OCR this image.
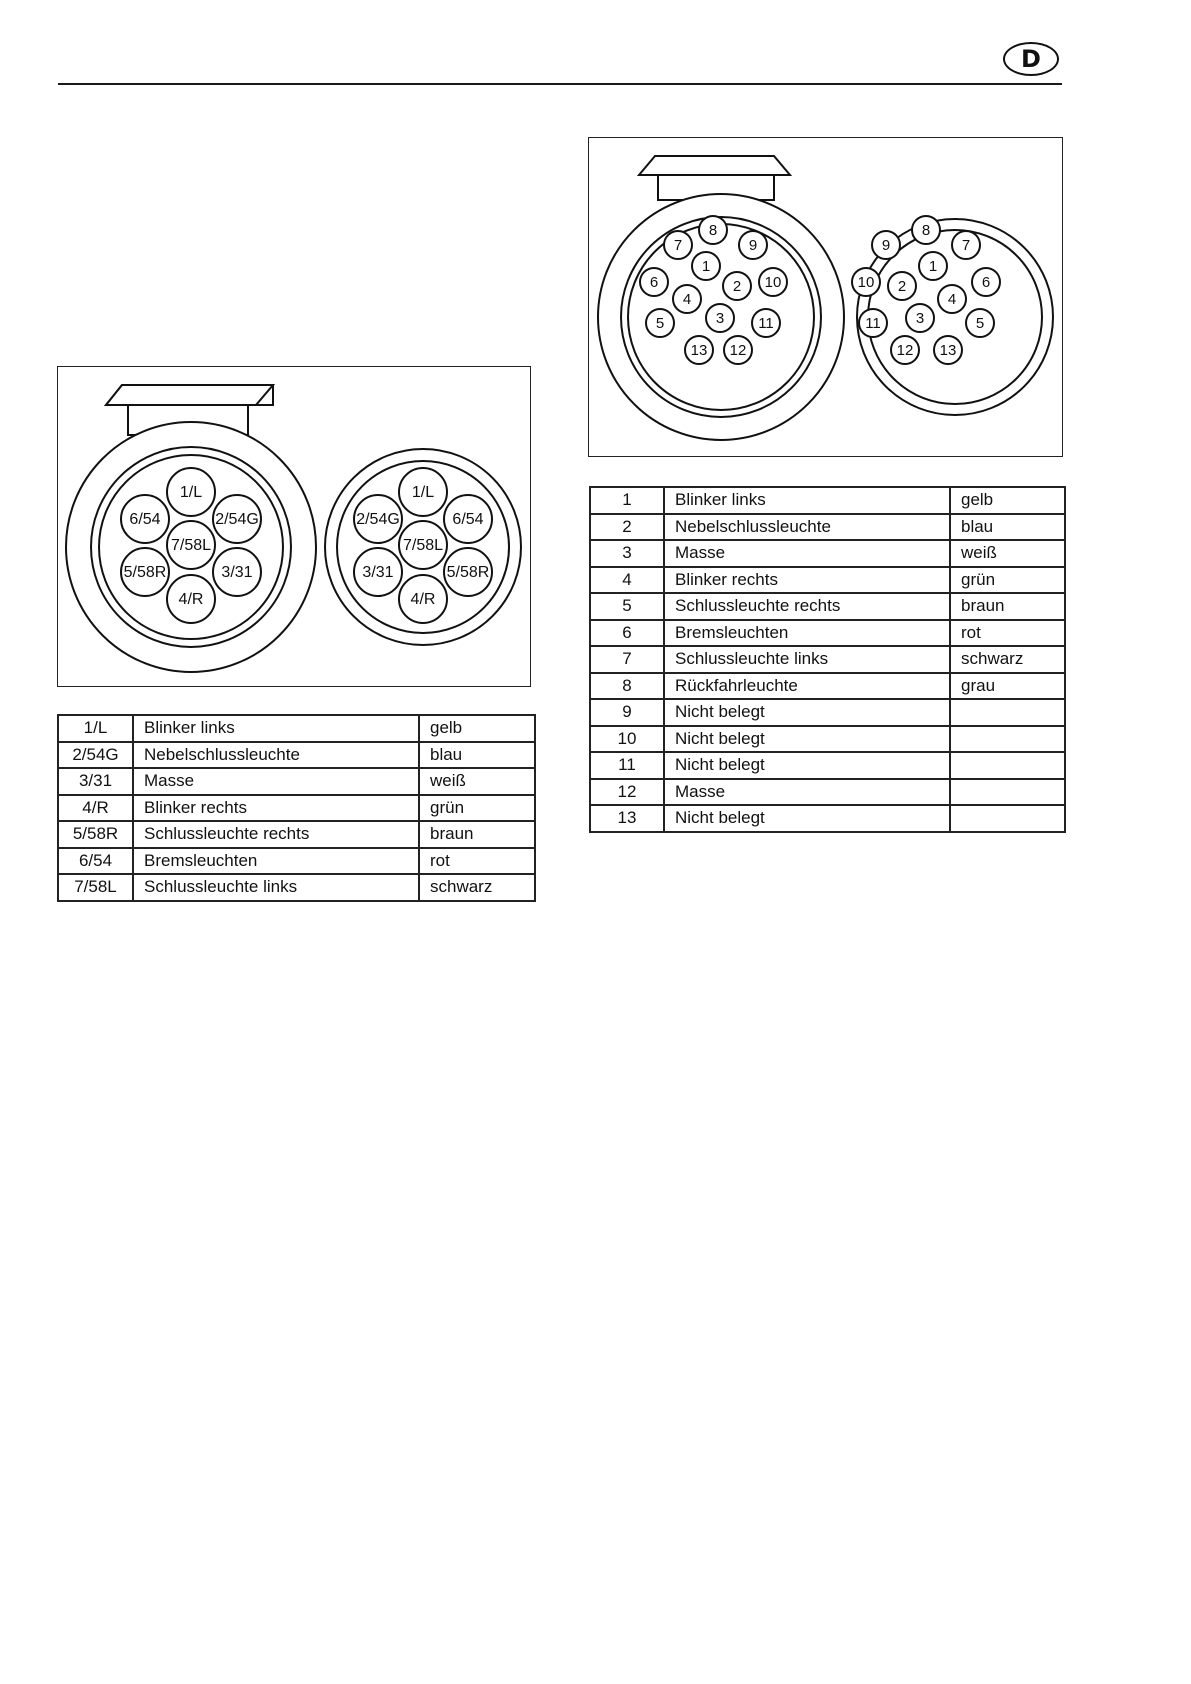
D
1
2
3
4
5
6
7
8
9
10
11
12
13
1
2
3
4
5
6
7
8
9
10
11
12 13
1	Blinker links	gelb
2	Nebelschlussleuchte	blau
3	Masse	weiß
4	Blinker rechts	grün
5	Schlussleuchte rechts	braun
6	Bremsleuchten	rot
7	Schlussleuchte links	schwarz
8	Rückfahrleuchte	grau
9	Nicht belegt	
10	Nicht belegt	
11	Nicht belegt	
12	Masse	
13	Nicht belegt	
1/L
2/54G
3/31
4/R
5/58R
6/54
7/58L
1/L
2/54G
3/31
4/R
5/58R
6/54
7/58L
1/L	Blinker links	gelb
2/54G	Nebelschlussleuchte	blau
3/31	Masse	weiß
4/R	Blinker rechts	grün
5/58R	Schlussleuchte rechts	braun
6/54	Bremsleuchten	rot
7/58L	Schlussleuchte links	schwarz
